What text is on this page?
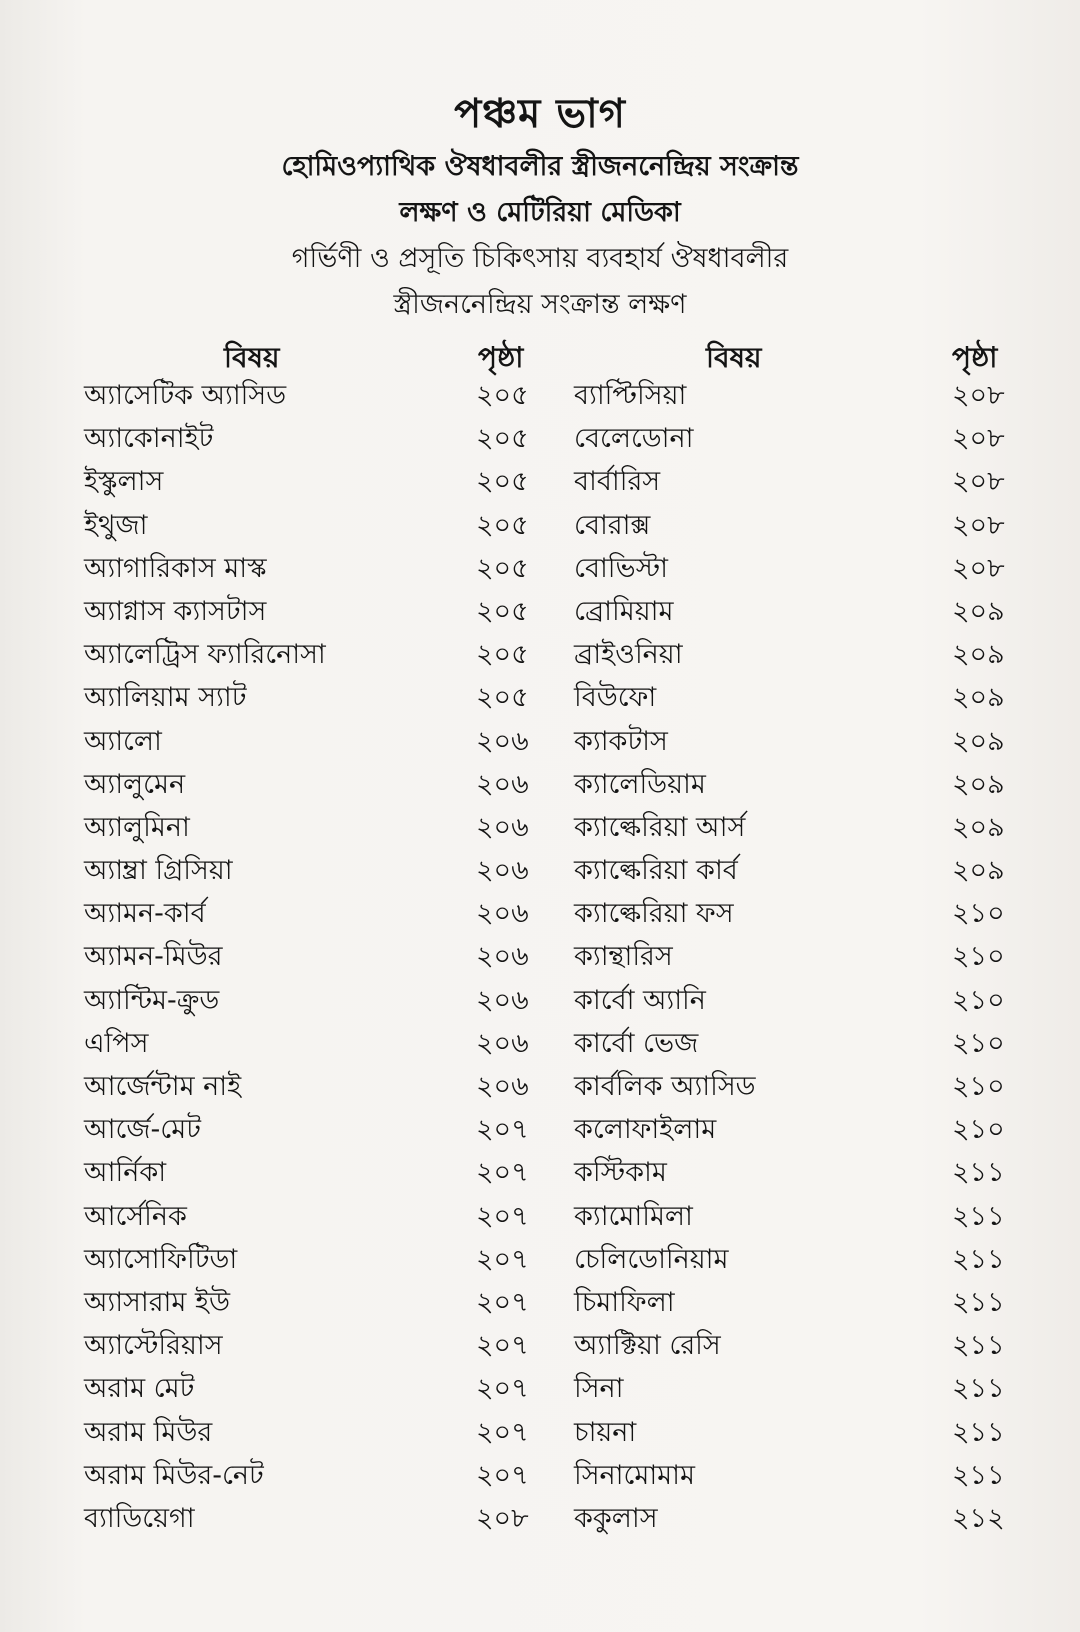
পঞ্চম ভাগ
হোমিওপ্যাথিক ঔষধাবলীর স্ত্রীজননেন্দ্রিয় সংক্রান্ত
লক্ষণ ও মেটিরিয়া মেডিকা
গর্ভিণী ও প্রসূতি চিকিৎসায় ব্যবহার্য ঔষধাবলীর
স্ত্রীজননেন্দ্রিয় সংক্রান্ত লক্ষণ
বিষয়	পৃষ্ঠা	বিষয়	পৃষ্ঠা
অ্যাসেটিক অ্যাসিড	২০৫ ব্যাপ্টিসিয়া	২০৮
অ্যাকোনাইট	২০৫ বেলেডোনা	২০৮
ইস্কুলাস	২০৫ বার্বারিস	২০৮
ইথুজা	২০৫ বোরাক্স	২০৮
অ্যাগারিকাস মাস্ক	২০৫ বোভিস্টা	২০৮
অ্যাগ্নাস ক্যাসটাস	২০৫ ব্রোমিয়াম	২০৯
অ্যালেট্রিস ফ্যারিনোসা	২০৫ ব্রাইওনিয়া	২০৯
অ্যালিয়াম স্যাট	২০৫ বিউফো	২০৯
অ্যালো	২০৬ ক্যাকটাস	২০৯
অ্যালুমেন	২০৬ ক্যালেডিয়াম	২০৯
অ্যালুমিনা	২০৬ ক্যাল্কেরিয়া আর্স	২০৯
অ্যাম্ব্রা গ্রিসিয়া	২০৬ ক্যাল্কেরিয়া কার্ব	২০৯
অ্যামন-কার্ব	২০৬ ক্যাল্কেরিয়া ফস	২১০
অ্যামন-মিউর	২০৬ ক্যান্থারিস	২১০
অ্যান্টিম-ক্রুড	২০৬ কার্বো অ্যানি	২১০
এপিস	২০৬ কার্বো ভেজ	২১০
আর্জেন্টাম নাই	২০৬ কার্বলিক অ্যাসিড	২১০
আর্জে-মেট	২০৭ কলোফাইলাম	২১০
আর্নিকা	২০৭ কস্টিকাম	২১১
আর্সেনিক	২০৭ ক্যামোমিলা	২১১
অ্যাসোফিটিডা	২০৭ চেলিডোনিয়াম	২১১
অ্যাসারাম ইউ	২০৭ চিমাফিলা	২১১
অ্যাস্টেরিয়াস	২০৭ অ্যাক্টিয়া রেসি	২১১
অরাম মেট	২০৭ সিনা	২১১
অরাম মিউর	২০৭ চায়না	২১১
অরাম মিউর-নেট	২০৭ সিনামোমাম	২১১
ব্যাডিয়েগা	২০৮ ককুলাস	২১২
